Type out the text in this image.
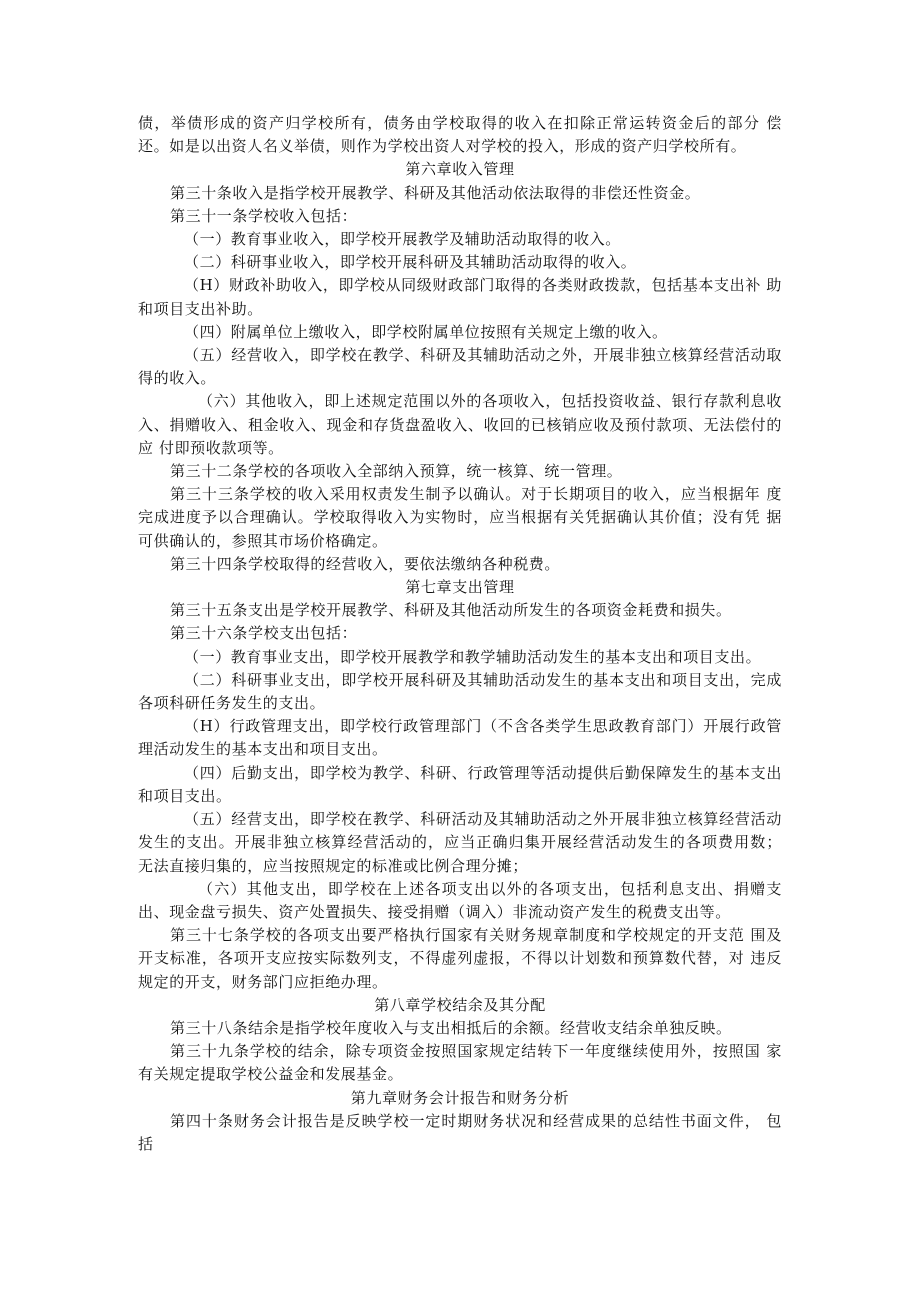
债，举债形成的资产归学校所有，债务由学校取得的收入在扣除正常运转资金后的部分 偿还。如是以出资人名义举债，则作为学校出资人对学校的投入，形成的资产归学校所有。

第六章收入管理

第三十条收入是指学校开展教学、科研及其他活动依法取得的非偿还性资金。

第三十一条学校收入包括：

（一）教育事业收入，即学校开展教学及辅助活动取得的收入。

（二）科研事业收入，即学校开展科研及其辅助活动取得的收入。

（H）财政补助收入，即学校从同级财政部门取得的各类财政拨款，包括基本支出补 助和项目支出补助。

（四）附属单位上缴收入，即学校附属单位按照有关规定上缴的收入。

（五）经营收入，即学校在教学、科研及其辅助活动之外，开展非独立核算经营活动取 得的收入。

（六）其他收入，即上述规定范围以外的各项收入，包括投资收益、银行存款利息收入、捐赠收入、租金收入、现金和存货盘盈收入、收回的已核销应收及预付款项、无法偿付的应 付即预收款项等。

第三十二条学校的各项收入全部纳入预算，统一核算、统一管理。

第三十三条学校的收入采用权责发生制予以确认。对于长期项目的收入，应当根据年 度完成进度予以合理确认。学校取得收入为实物时，应当根据有关凭据确认其价值；没有凭 据可供确认的，参照其市场价格确定。

第三十四条学校取得的经营收入，要依法缴纳各种税费。

第七章支出管理

第三十五条支出是学校开展教学、科研及其他活动所发生的各项资金耗费和损失。

第三十六条学校支出包括：

（一）教育事业支出，即学校开展教学和教学辅助活动发生的基本支出和项目支出。

（二）科研事业支出，即学校开展科研及其辅助活动发生的基本支出和项目支出，完成 各项科研任务发生的支出。

（H）行政管理支出，即学校行政管理部门（不含各类学生思政教育部门）开展行政管 理活动发生的基本支出和项目支出。

（四）后勤支出，即学校为教学、科研、行政管理等活动提供后勤保障发生的基本支出 和项目支出。

（五）经营支出，即学校在教学、科研活动及其辅助活动之外开展非独立核算经营活动 发生的支出。开展非独立核算经营活动的，应当正确归集开展经营活动发生的各项费用数； 无法直接归集的，应当按照规定的标准或比例合理分摊；

（六）其他支出，即学校在上述各项支出以外的各项支出，包括利息支出、捐赠支出、现金盘亏损失、资产处置损失、接受捐赠（调入）非流动资产发生的税费支出等。

第三十七条学校的各项支出要严格执行国家有关财务规章制度和学校规定的开支范 围及开支标准，各项开支应按实际数列支，不得虚列虚报，不得以计划数和预算数代替，对 违反规定的开支，财务部门应拒绝办理。

第八章学校结余及其分配

第三十八条结余是指学校年度收入与支出相抵后的余额。经营收支结余单独反映。

第三十九条学校的结余，除专项资金按照国家规定结转下一年度继续使用外，按照国 家有关规定提取学校公益金和发展基金。

第九章财务会计报告和财务分析

第四十条财务会计报告是反映学校一定时期财务状况和经营成果的总结性书面文件， 包括
